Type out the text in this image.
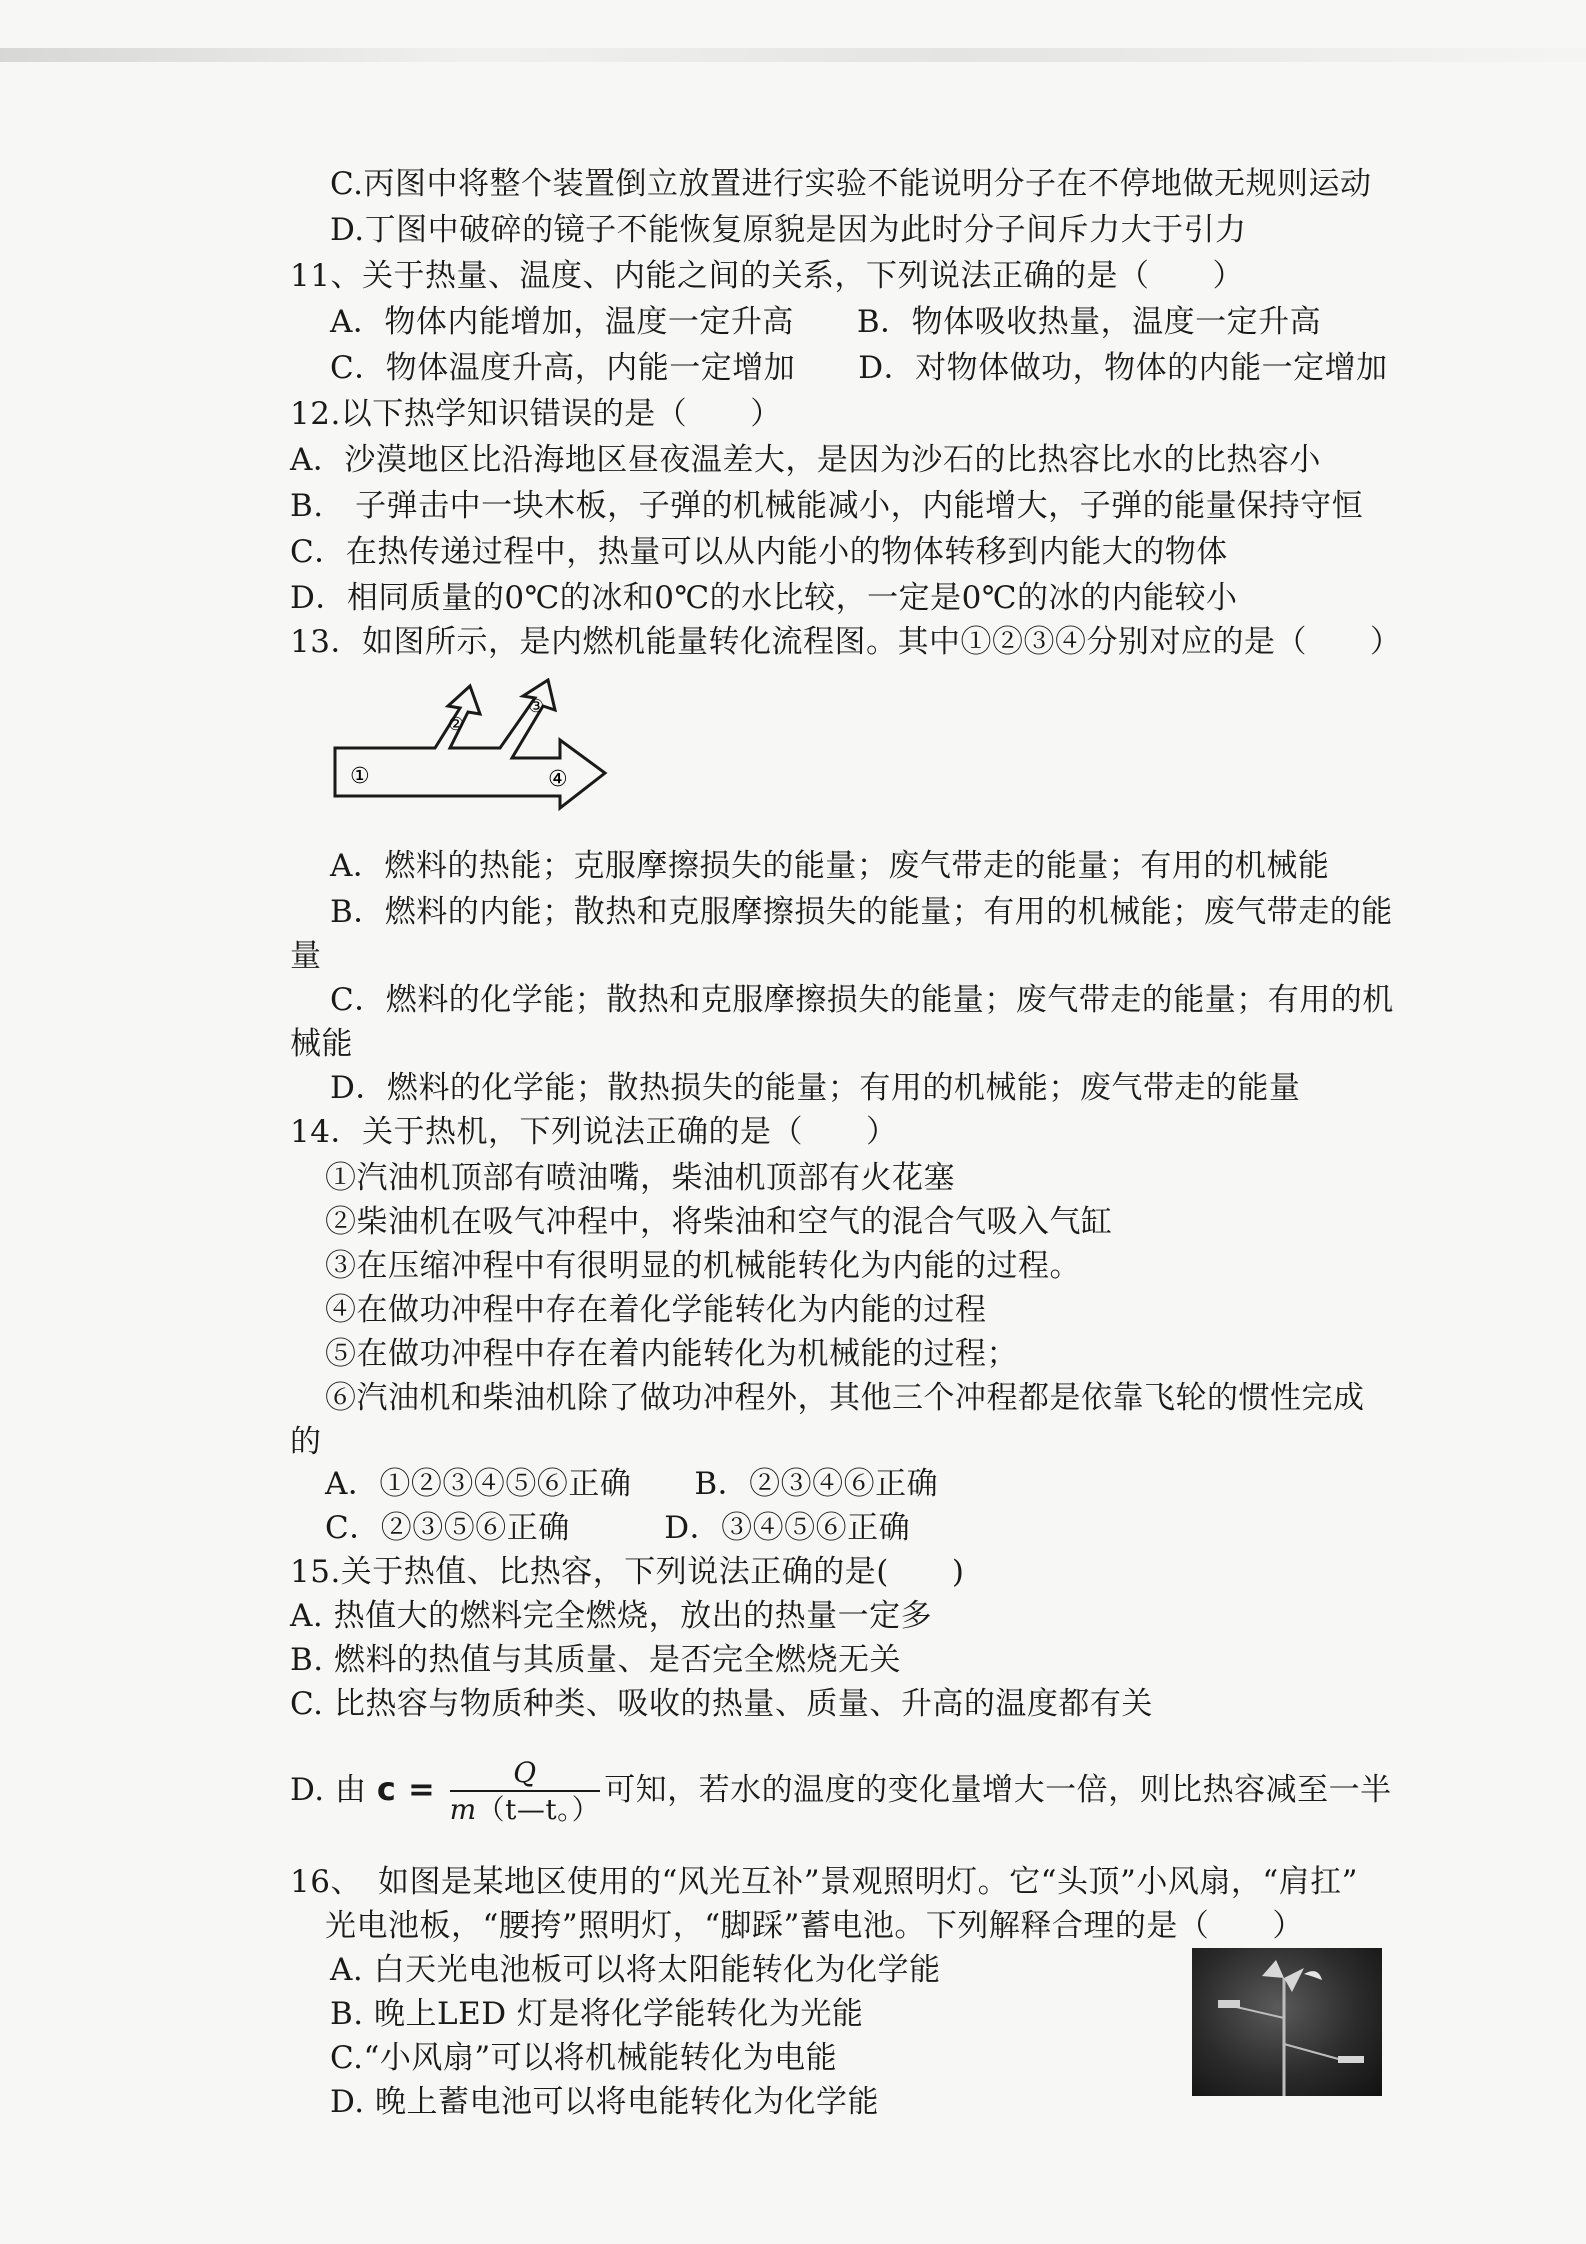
C.丙图中将整个装置倒立放置进行实验不能说明分子在不停地做无规则运动
D.丁图中破碎的镜子不能恢复原貌是因为此时分子间斥力大于引力
11、关于热量、温度、内能之间的关系，下列说法正确的是（　　）
A．物体内能增加，温度一定升高　　B．物体吸收热量，温度一定升高
C．物体温度升高，内能一定增加　　D．对物体做功，物体的内能一定增加
12.以下热学知识错误的是（　　）
A．沙漠地区比沿海地区昼夜温差大，是因为沙石的比热容比水的比热容小
B.　子弹击中一块木板，子弹的机械能减小，内能增大，子弹的能量保持守恒
C．在热传递过程中，热量可以从内能小的物体转移到内能大的物体
D．相同质量的0℃的冰和0℃的水比较，一定是0℃的冰的内能较小
13．如图所示，是内燃机能量转化流程图。其中①②③④分别对应的是（　　）
①
②
③
④
A．燃料的热能；克服摩擦损失的能量；废气带走的能量；有用的机械能
B．燃料的内能；散热和克服摩擦损失的能量；有用的机械能；废气带走的能
量
C．燃料的化学能；散热和克服摩擦损失的能量；废气带走的能量；有用的机
械能
D．燃料的化学能；散热损失的能量；有用的机械能；废气带走的能量
14．关于热机，下列说法正确的是（　　）
①汽油机顶部有喷油嘴，柴油机顶部有火花塞
②柴油机在吸气冲程中，将柴油和空气的混合气吸入气缸
③在压缩冲程中有很明显的机械能转化为内能的过程。
④在做功冲程中存在着化学能转化为内能的过程
⑤在做功冲程中存在着内能转化为机械能的过程；
⑥汽油机和柴油机除了做功冲程外，其他三个冲程都是依靠飞轮的惯性完成
的
A．①②③④⑤⑥正确　　B．②③④⑥正确
C．②③⑤⑥正确　　　D．③④⑤⑥正确
15.关于热值、比热容，下列说法正确的是(　　)
A. 热值大的燃料完全燃烧，放出的热量一定多
B. 燃料的热值与其质量、是否完全燃烧无关
C. 比热容与物质种类、吸收的热量、质量、升高的温度都有关
D. 由 $c = \frac{Q}{m(t—t。)}$ 可知，若水的温度的变化量增大一倍，则比热容减至一半
16、　如图是某地区使用的“风光互补”景观照明灯。它“头顶”小风扇，“肩扛”
光电池板，“腰挎”照明灯，“脚踩”蓄电池。下列解释合理的是（　　）
A. 白天光电池板可以将太阳能转化为化学能
B. 晚上LED 灯是将化学能转化为光能
C.“小风扇”可以将机械能转化为电能
D. 晚上蓄电池可以将电能转化为化学能
